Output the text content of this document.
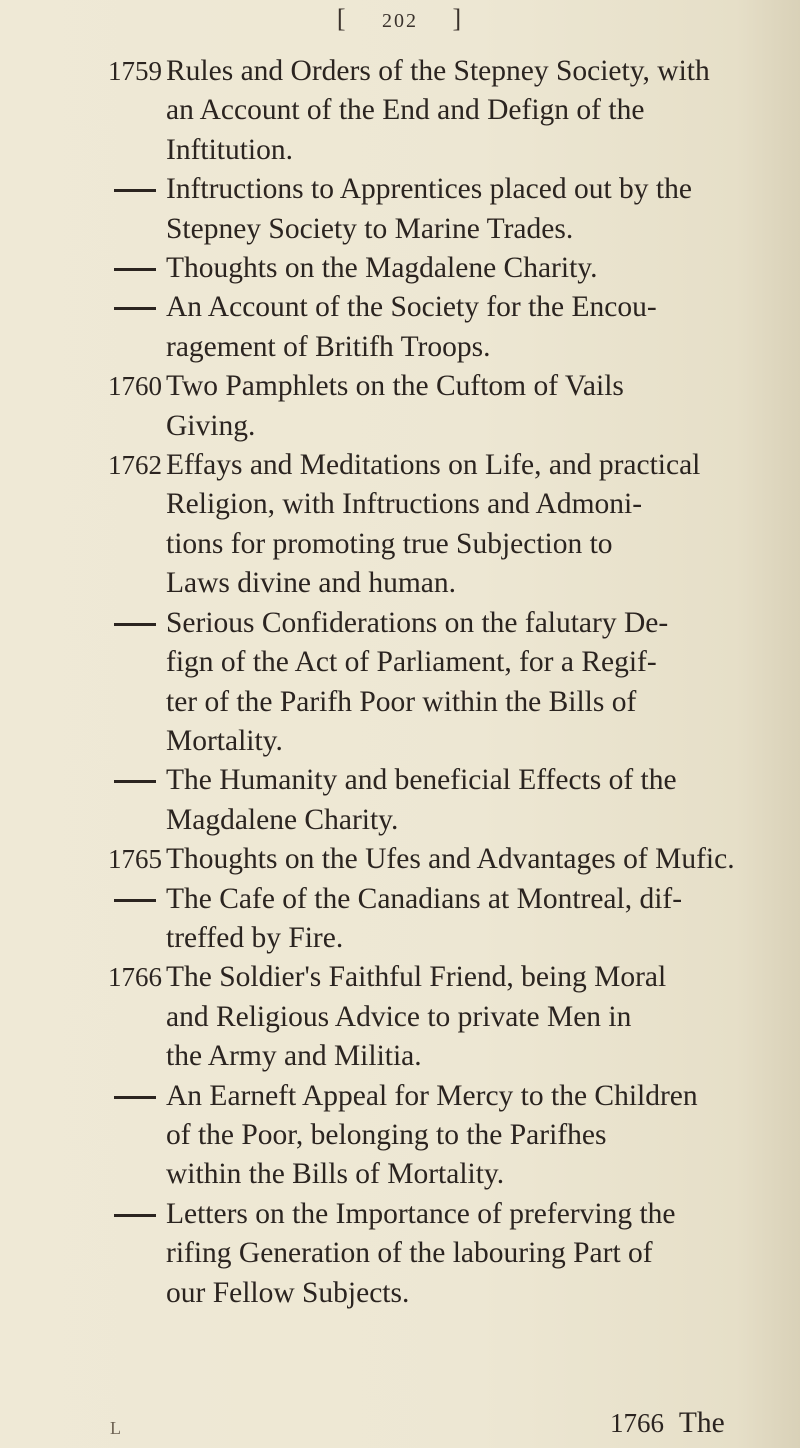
[ 202 ]
1759 Rules and Orders of the Stepney Society, with
an Account of the End and Defign of the
Inftitution.
Inftructions to Apprentices placed out by the
Stepney Society to Marine Trades.
Thoughts on the Magdalene Charity.
An Account of the Society for the Encou-
ragement of Britifh Troops.
1760 Two Pamphlets on the Cuftom of Vails
Giving.
1762 Effays and Meditations on Life, and practical
Religion, with Inftructions and Admoni-
tions for promoting true Subjection to
Laws divine and human.
Serious Confiderations on the falutary De-
fign of the Act of Parliament, for a Regif-
ter of the Parifh Poor within the Bills of
Mortality.
The Humanity and beneficial Effects of the
Magdalene Charity.
1765 Thoughts on the Ufes and Advantages of Mufic.
The Cafe of the Canadians at Montreal, dif-
treffed by Fire.
1766 The Soldier's Faithful Friend, being Moral
and Religious Advice to private Men in
the Army and Militia.
An Earneft Appeal for Mercy to the Children
of the Poor, belonging to the Parifhes
within the Bills of Mortality.
Letters on the Importance of preferving the
rifing Generation of the labouring Part of
our Fellow Subjects.
1766 The
L
